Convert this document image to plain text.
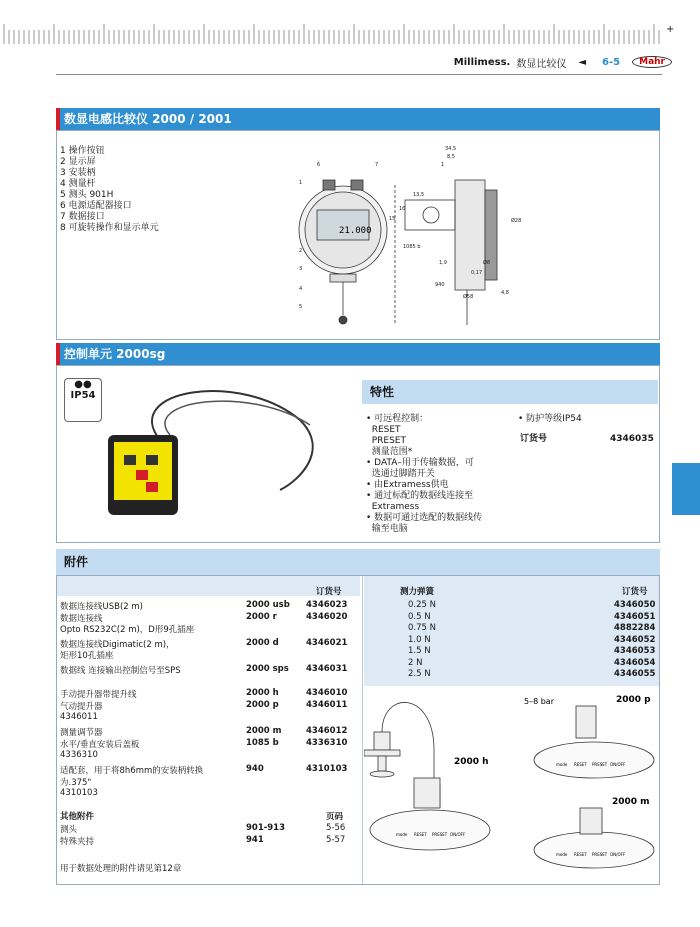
+
Millimess. 数显比较仪 ◄ 6-5	Mahr
数显电感比较仪 2000 / 2001
1 操作按钮
2 显示屏
3 安装柄
4 测量杆
5 测头 901H
6 电源适配器接口
7 数据接口
8 可旋转操作和显示单元	21.000
1
2
3
4
5
6	7
34,5
8,5
1
13,5
15
1085 b
Ø28
1,9	Ø8
940
Ø58
0,17
16
4,8
控制单元 2000sg
●●
IP54	特性
• 可远程控制：
RESET
PRESET
测量范围*
• DATA–用于传输数据，可
选通过脚踏开关
• 由Extramess供电
• 通过标配的数据线连接至
Extramess
• 数据可通过选配的数据线传
输至电脑
• 防护等级IP54
订货号	4346035
附件
订货号
数据连接线USB(2 m)	2000 usb 4346023
数据连接线	2000 r	4346020
Opto RS232C(2 m)，D形9孔插座
数据连接线Digimatic(2 m)，	2000 d	4346021
矩形10孔插座
数据线 连接输出控制信号至SPS	2000 sps 4346031
手动提升器带提升线	2000 h	4346010
气动提升器	2000 p	4346011
4346011
测量调节器	2000 m	4346012
水平/垂直安装后盖板	1085 b	4336310
4336310
适配套，用于将8h6mm的安装柄转换	940	4310103
为.375"
4310103
其他附件	页码
测头	901-913	5-56
特殊夹持	941	5-57
用于数据处理的附件请见第12章
测力弹簧	订货号
0.25 N	4346050
0.5 N	4346051
0.75 N	4882284
1.0 N	4346052
1.5 N	4346053
2 N	4346054
2.5 N	4346055
2000 h
2000 p
2000 m
5–8 bar
mode RESET PRESET ON/OFF
mode RESET PRESET ON/OFF
mode RESET PRESET ON/OFF
